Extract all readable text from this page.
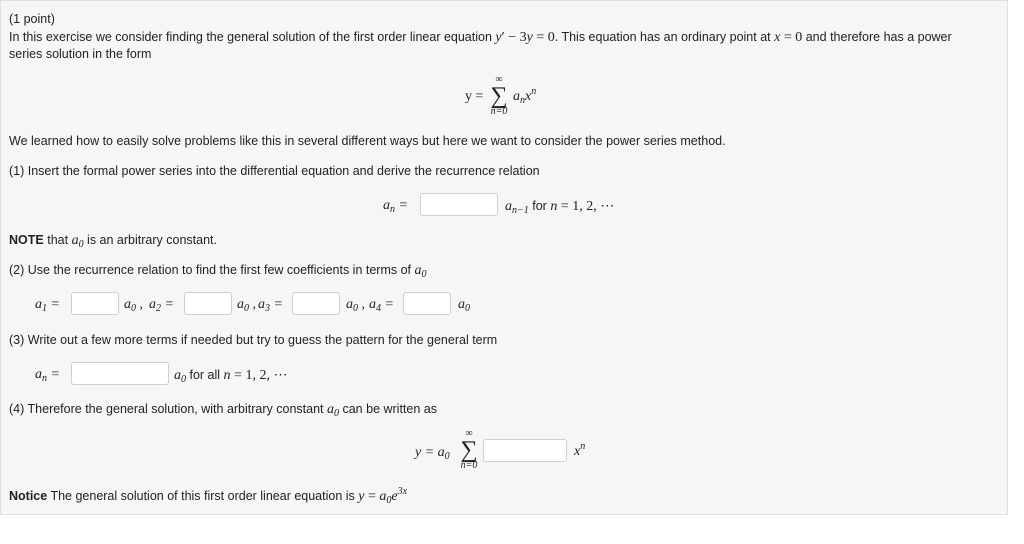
(1 point)
In this exercise we consider finding the general solution of the first order linear equation y′ − 3y = 0. This equation has an ordinary point at x = 0 and therefore has a power
series solution in the form
y =
∞
∑
n=0
$a_nx^n$
We learned how to easily solve problems like this in several different ways but here we want to consider the power series method.
(1) Insert the formal power series into the differential equation and derive the recurrence relation
$a_n$ =	$a_{n-1}$ for n = 1, 2, ⋯
NOTE that $a_0$ is an arbitrary constant.
(2) Use the recurrence relation to find the first few coefficients in terms of $a_0$
$a_1$ =	$a_0$ , $a_2$ =	$a_0$ , $a_3$ =	$a_0$ , $a_4$ =	$a_0$
(3) Write out a few more terms if needed but try to guess the pattern for the general term
$a_n$ =	$a_0$ for all n = 1, 2, ⋯
(4) Therefore the general solution, with arbitrary constant $a_0$ can be written as
$y = a_0$
∞
∑
n=0
$x^n$
Notice The general solution of this first order linear equation is $y = a_0e^{3x}$
